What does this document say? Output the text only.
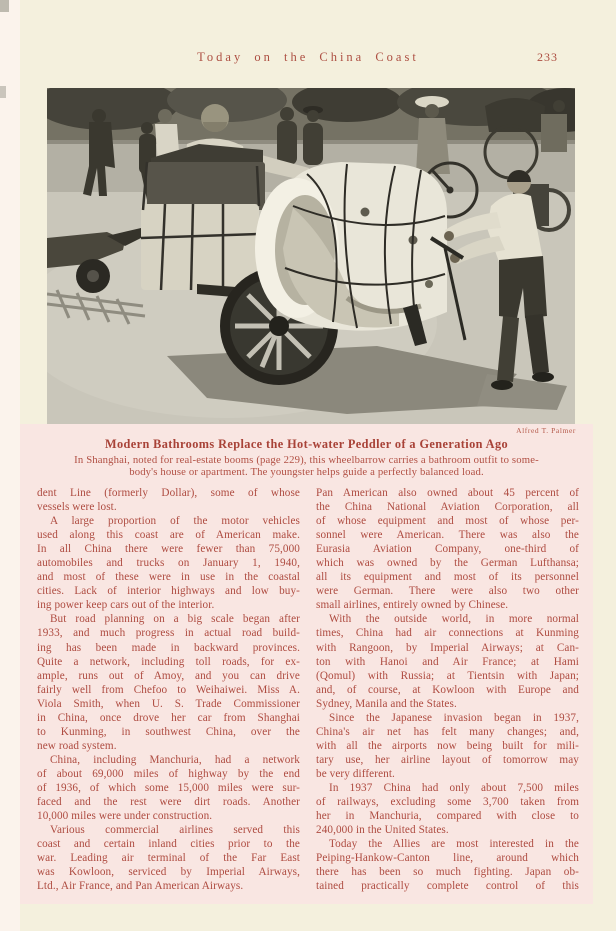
Today on the China Coast	233
Alfred T. Palmer
Modern Bathrooms Replace the Hot-water Peddler of a Generation Ago
In Shanghai, noted for real-estate booms (page 229), this wheelbarrow carries a bathroom outfit to some-
body's house or apartment. The youngster helps guide a perfectly balanced load.
dent Line (formerly Dollar), some of whose
vessels were lost.
A large proportion of the motor vehicles
used along this coast are of American make.
In all China there were fewer than 75,000
automobiles and trucks on January 1, 1940,
and most of these were in use in the coastal
cities. Lack of interior highways and low buy-
ing power keep cars out of the interior.
But road planning on a big scale began after
1933, and much progress in actual road build-
ing has been made in backward provinces.
Quite a network, including toll roads, for ex-
ample, runs out of Amoy, and you can drive
fairly well from Chefoo to Weihaiwei. Miss A.
Viola Smith, when U. S. Trade Commissioner
in China, once drove her car from Shanghai
to Kunming, in southwest China, over the
new road system.
China, including Manchuria, had a network
of about 69,000 miles of highway by the end
of 1936, of which some 15,000 miles were sur-
faced and the rest were dirt roads. Another
10,000 miles were under construction.
Various commercial airlines served this
coast and certain inland cities prior to the
war. Leading air terminal of the Far East
was Kowloon, serviced by Imperial Airways,
Ltd., Air France, and Pan American Airways.
Pan American also owned about 45 percent of
the China National Aviation Corporation, all
of whose equipment and most of whose per-
sonnel were American. There was also the
Eurasia Aviation Company, one-third of
which was owned by the German Lufthansa;
all its equipment and most of its personnel
were German. There were also two other
small airlines, entirely owned by Chinese.
With the outside world, in more normal
times, China had air connections at Kunming
with Rangoon, by Imperial Airways; at Can-
ton with Hanoi and Air France; at Hami
(Qomul) with Russia; at Tientsin with Japan;
and, of course, at Kowloon with Europe and
Sydney, Manila and the States.
Since the Japanese invasion began in 1937,
China's air net has felt many changes; and,
with all the airports now being built for mili-
tary use, her airline layout of tomorrow may
be very different.
In 1937 China had only about 7,500 miles
of railways, excluding some 3,700 taken from
her in Manchuria, compared with close to
240,000 in the United States.
Today the Allies are most interested in the
Peiping-Hankow-Canton line, around which
there has been so much fighting. Japan ob-
tained practically complete control of this
